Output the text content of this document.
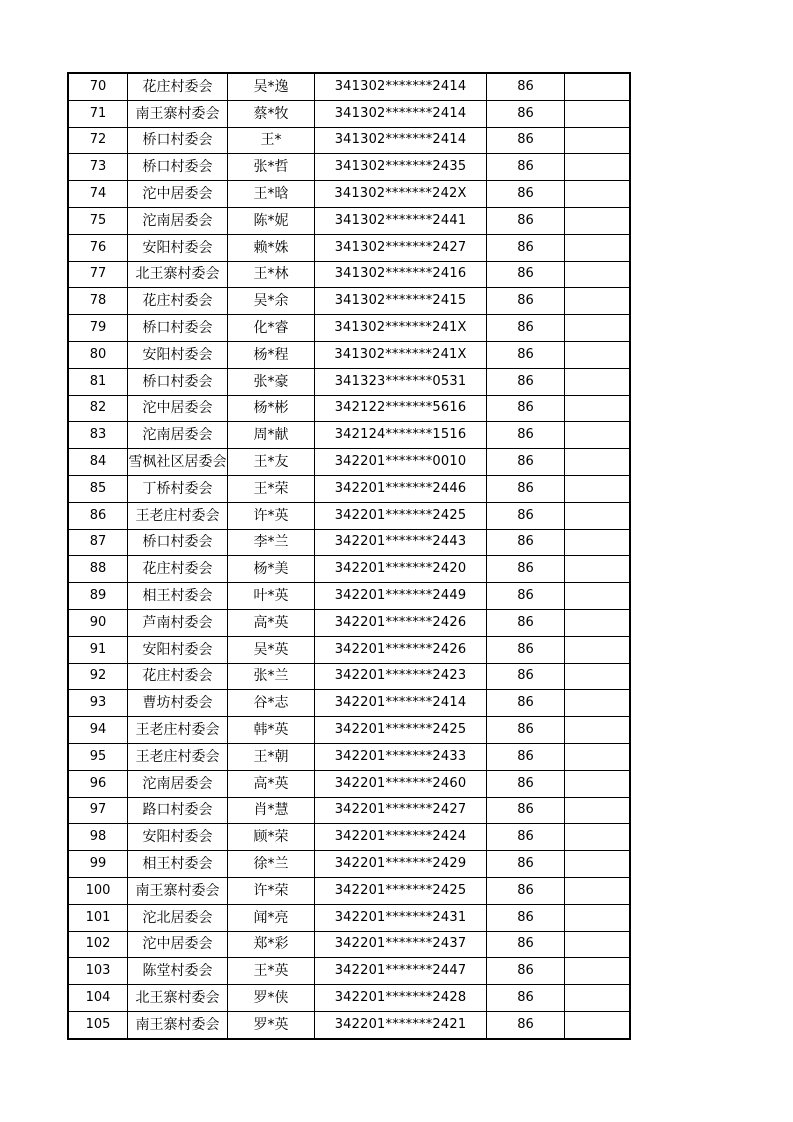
70	花庄村委会	吴*逸	341302*******2414	86	
71	南王寨村委会	蔡*牧	341302*******2414	86	
72	桥口村委会	王*	341302*******2414	86	
73	桥口村委会	张*哲	341302*******2435	86	
74	沱中居委会	王*晗	341302*******242X	86	
75	沱南居委会	陈*妮	341302*******2441	86	
76	安阳村委会	赖*姝	341302*******2427	86	
77	北王寨村委会	王*林	341302*******2416	86	
78	花庄村委会	吴*余	341302*******2415	86	
79	桥口村委会	化*睿	341302*******241X	86	
80	安阳村委会	杨*程	341302*******241X	86	
81	桥口村委会	张*豪	341323*******0531	86	
82	沱中居委会	杨*彬	342122*******5616	86	
83	沱南居委会	周*献	342124*******1516	86	
84	雪枫社区居委会	王*友	342201*******0010	86	
85	丁桥村委会	王*荣	342201*******2446	86	
86	王老庄村委会	许*英	342201*******2425	86	
87	桥口村委会	李*兰	342201*******2443	86	
88	花庄村委会	杨*美	342201*******2420	86	
89	相王村委会	叶*英	342201*******2449	86	
90	芦南村委会	高*英	342201*******2426	86	
91	安阳村委会	吴*英	342201*******2426	86	
92	花庄村委会	张*兰	342201*******2423	86	
93	曹坊村委会	谷*志	342201*******2414	86	
94	王老庄村委会	韩*英	342201*******2425	86	
95	王老庄村委会	王*朝	342201*******2433	86	
96	沱南居委会	高*英	342201*******2460	86	
97	路口村委会	肖*慧	342201*******2427	86	
98	安阳村委会	顾*荣	342201*******2424	86	
99	相王村委会	徐*兰	342201*******2429	86	
100	南王寨村委会	许*荣	342201*******2425	86	
101	沱北居委会	闻*亮	342201*******2431	86	
102	沱中居委会	郑*彩	342201*******2437	86	
103	陈堂村委会	王*英	342201*******2447	86	
104	北王寨村委会	罗*侠	342201*******2428	86	
105	南王寨村委会	罗*英	342201*******2421	86	
